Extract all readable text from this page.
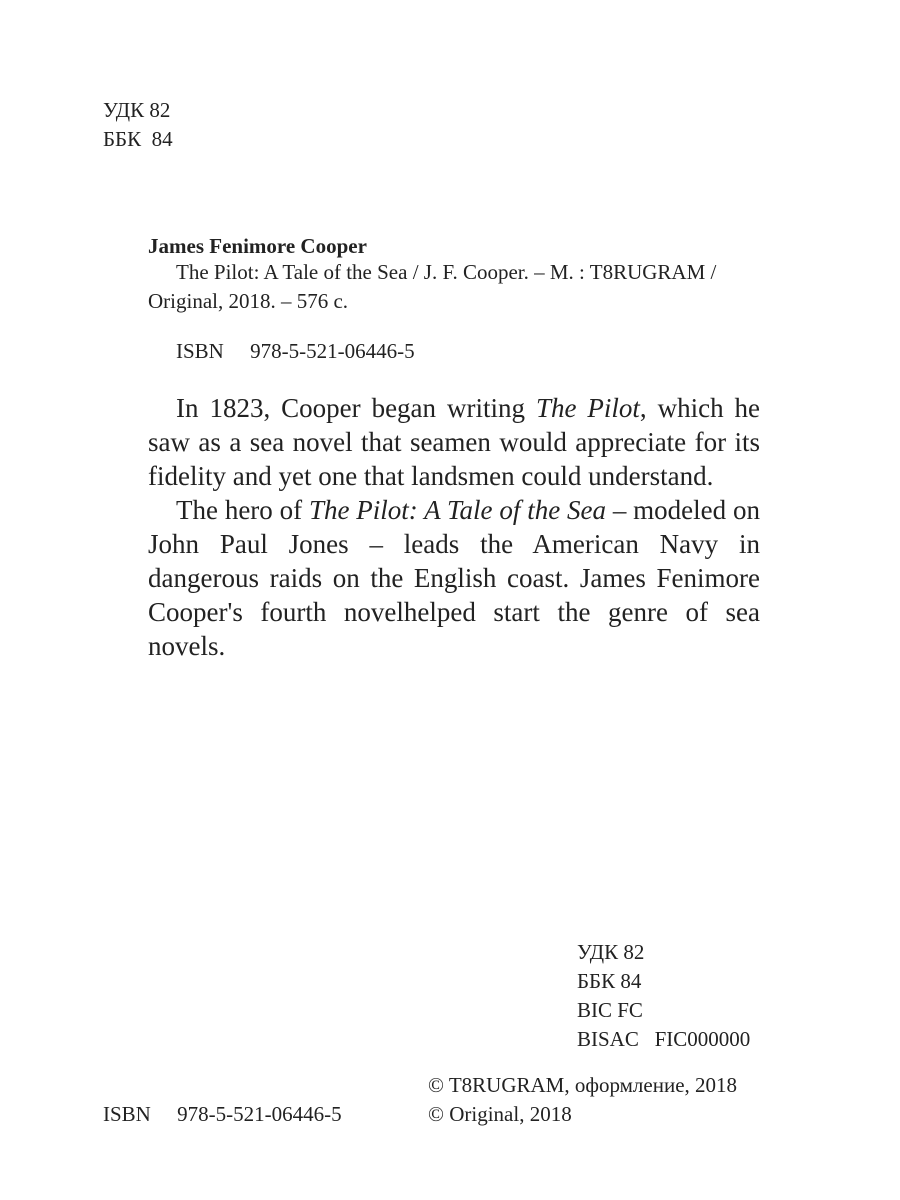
УДК 82
ББК  84
James Fenimore Cooper
The Pilot: A Tale of the Sea / J. F. Cooper. – M. : T8RUGRAM / Original, 2018. – 576 c.
ISBN     978-5-521-06446-5

In 1823, Cooper began writing The Pilot, which he saw as a sea novel that seamen would appreciate for its fidelity and yet one that landsmen could understand.

The hero of The Pilot: A Tale of the Sea – modeled on John Paul Jones – leads the American Navy in dangerous raids on the English coast. James Fenimore Cooper's fourth novelhelped start the genre of sea novels.

УДК 82
ББК 84
BIC FC
BISAC   FIC000000
ISBN     978-5-521-06446-5
© T8RUGRAM, оформление, 2018
© Original, 2018
